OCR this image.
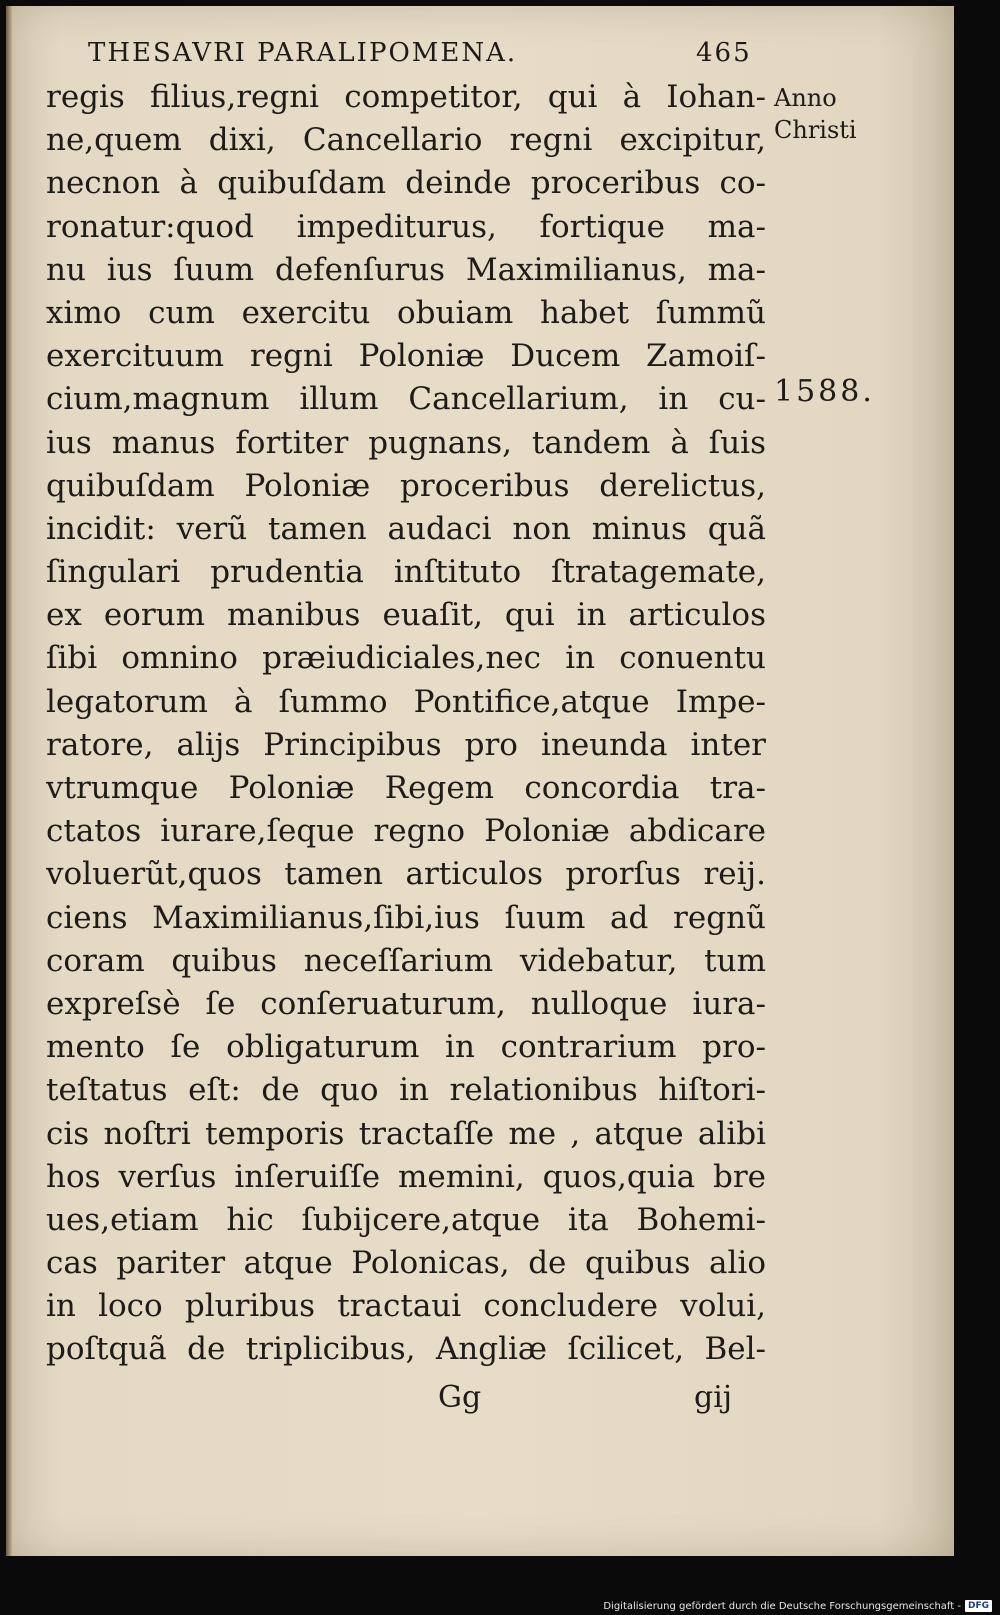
THESAVRI PARALIPOMENA.	465
regis filius,regni competitor, qui à Iohan-
ne,quem dixi, Cancellario regni excipitur,
necnon à quibuſdam deinde proceribus co-
ronatur:quod impediturus, fortique ma-
nu ius ſuum defenſurus Maximilianus, ma-
ximo cum exercitu obuiam habet ſummũ
exercituum regni Poloniæ Ducem Zamoiſ-
cium,magnum illum Cancellarium, in cu-
ius manus fortiter pugnans, tandem à ſuis
quibuſdam Poloniæ proceribus derelictus,
incidit: verũ tamen audaci non minus quã
ſingulari prudentia inſtituto ſtratagemate,
ex eorum manibus euaſit, qui in articulos
ſibi omnino præiudiciales,nec in conuentu
legatorum à ſummo Pontifice,atque Impe-
ratore, alijs Principibus pro ineunda inter
vtrumque Poloniæ Regem concordia tra-
ctatos iurare,ſeque regno Poloniæ abdicare
voluerũt,quos tamen articulos prorſus reij.
ciens Maximilianus,ſibi,ius ſuum ad regnũ
coram quibus neceſſarium videbatur, tum
expreſsè ſe conſeruaturum, nulloque iura-
mento ſe obligaturum in contrarium pro-
teſtatus eſt: de quo in relationibus hiſtori-
cis noſtri temporis tractaſſe me , atque alibi
hos verſus inſeruiſſe memini, quos,quia bre
ues,etiam hic ſubijcere,atque ita Bohemi-
cas pariter atque Polonicas, de quibus alio
in loco pluribus tractaui concludere volui,
poſtquã de triplicibus, Angliæ ſcilicet, Bel-
Anno
Christi
1588.
Gg	gij
Digitalisierung gefördert durch die Deutsche Forschungsgemeinschaft - DFG
